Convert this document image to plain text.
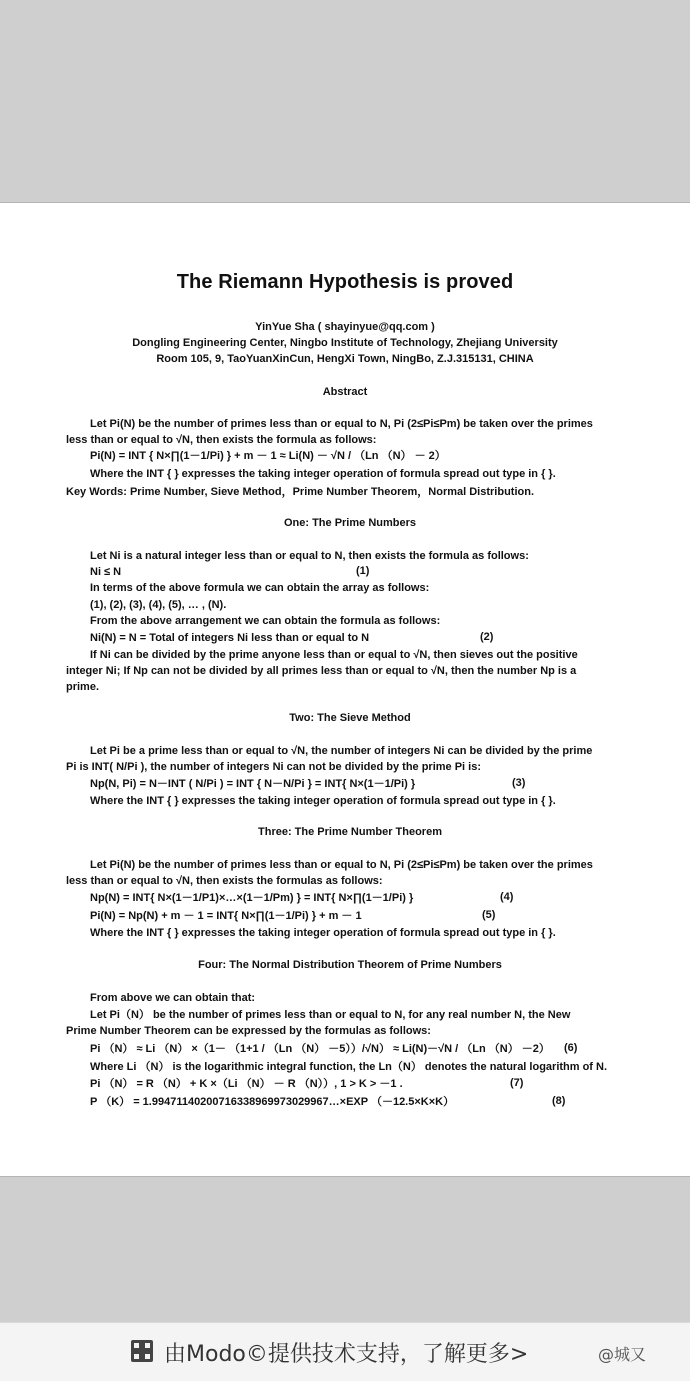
The Riemann Hypothesis is proved
YinYue Sha ( shayinyue@qq.com )
Dongling Engineering Center, Ningbo Institute of Technology, Zhejiang University
Room 105, 9, TaoYuanXinCun, HengXi Town, NingBo, Z.J.315131, CHINA
Abstract
Let Pi(N) be the number of primes less than or equal to N, Pi (2≤Pi≤Pm) be taken over the primes
less than or equal to √N, then exists the formula as follows:
Pi(N) = INT { N×∏(1－1/Pi) } + m － 1 ≈ Li(N) － √N / （Ln （N） － 2）
Where the INT { } expresses the taking integer operation of formula spread out type in { }.
Key Words: Prime Number, Sieve Method，Prime Number Theorem，Normal Distribution.
One: The Prime Numbers
Let Ni is a natural integer less than or equal to N, then exists the formula as follows:
Ni ≤ N	(1)
In terms of the above formula we can obtain the array as follows:
(1), (2), (3), (4), (5), … , (N).
From the above arrangement we can obtain the formula as follows:
Ni(N) = N = Total of integers Ni less than or equal to N	(2)
If Ni can be divided by the prime anyone less than or equal to √N, then sieves out the positive
integer Ni; If Np can not be divided by all primes less than or equal to √N, then the number Np is a
prime.
Two: The Sieve Method
Let Pi be a prime less than or equal to √N, the number of integers Ni can be divided by the prime
Pi is INT( N/Pi ), the number of integers Ni can not be divided by the prime Pi is:
Np(N, Pi) = N－INT ( N/Pi ) = INT { N－N/Pi } = INT{ N×(1－1/Pi) }	(3)
Where the INT { } expresses the taking integer operation of formula spread out type in { }.
Three: The Prime Number Theorem
Let Pi(N) be the number of primes less than or equal to N, Pi (2≤Pi≤Pm) be taken over the primes
less than or equal to √N, then exists the formulas as follows:
Np(N) = INT{ N×(1－1/P1)×…×(1－1/Pm) } = INT{ N×∏(1－1/Pi) }	(4)
Pi(N) = Np(N) + m － 1 = INT{ N×∏(1－1/Pi) } + m － 1	(5)
Where the INT { } expresses the taking integer operation of formula spread out type in { }.
Four: The Normal Distribution Theorem of Prime Numbers
From above we can obtain that:
Let Pi（N） be the number of primes less than or equal to N, for any real number N, the New
Prime Number Theorem can be expressed by the formulas as follows:
Pi （N） ≈ Li （N） ×（1－ （1+1 / （Ln （N） －5））/√N） ≈ Li(N)－√N / （Ln （N） －2）	(6)
Where Li （N） is the logarithmic integral function, the Ln（N） denotes the natural logarithm of N.
Pi （N） = R （N） + K ×（Li （N） － R （N））, 1 > K > －1 .	(7)
P （K） = 1.99471140200716338969973029967…×EXP （－12.5×K×K）	(8)
由Modo©提供技术支持，了解更多>	@城又
